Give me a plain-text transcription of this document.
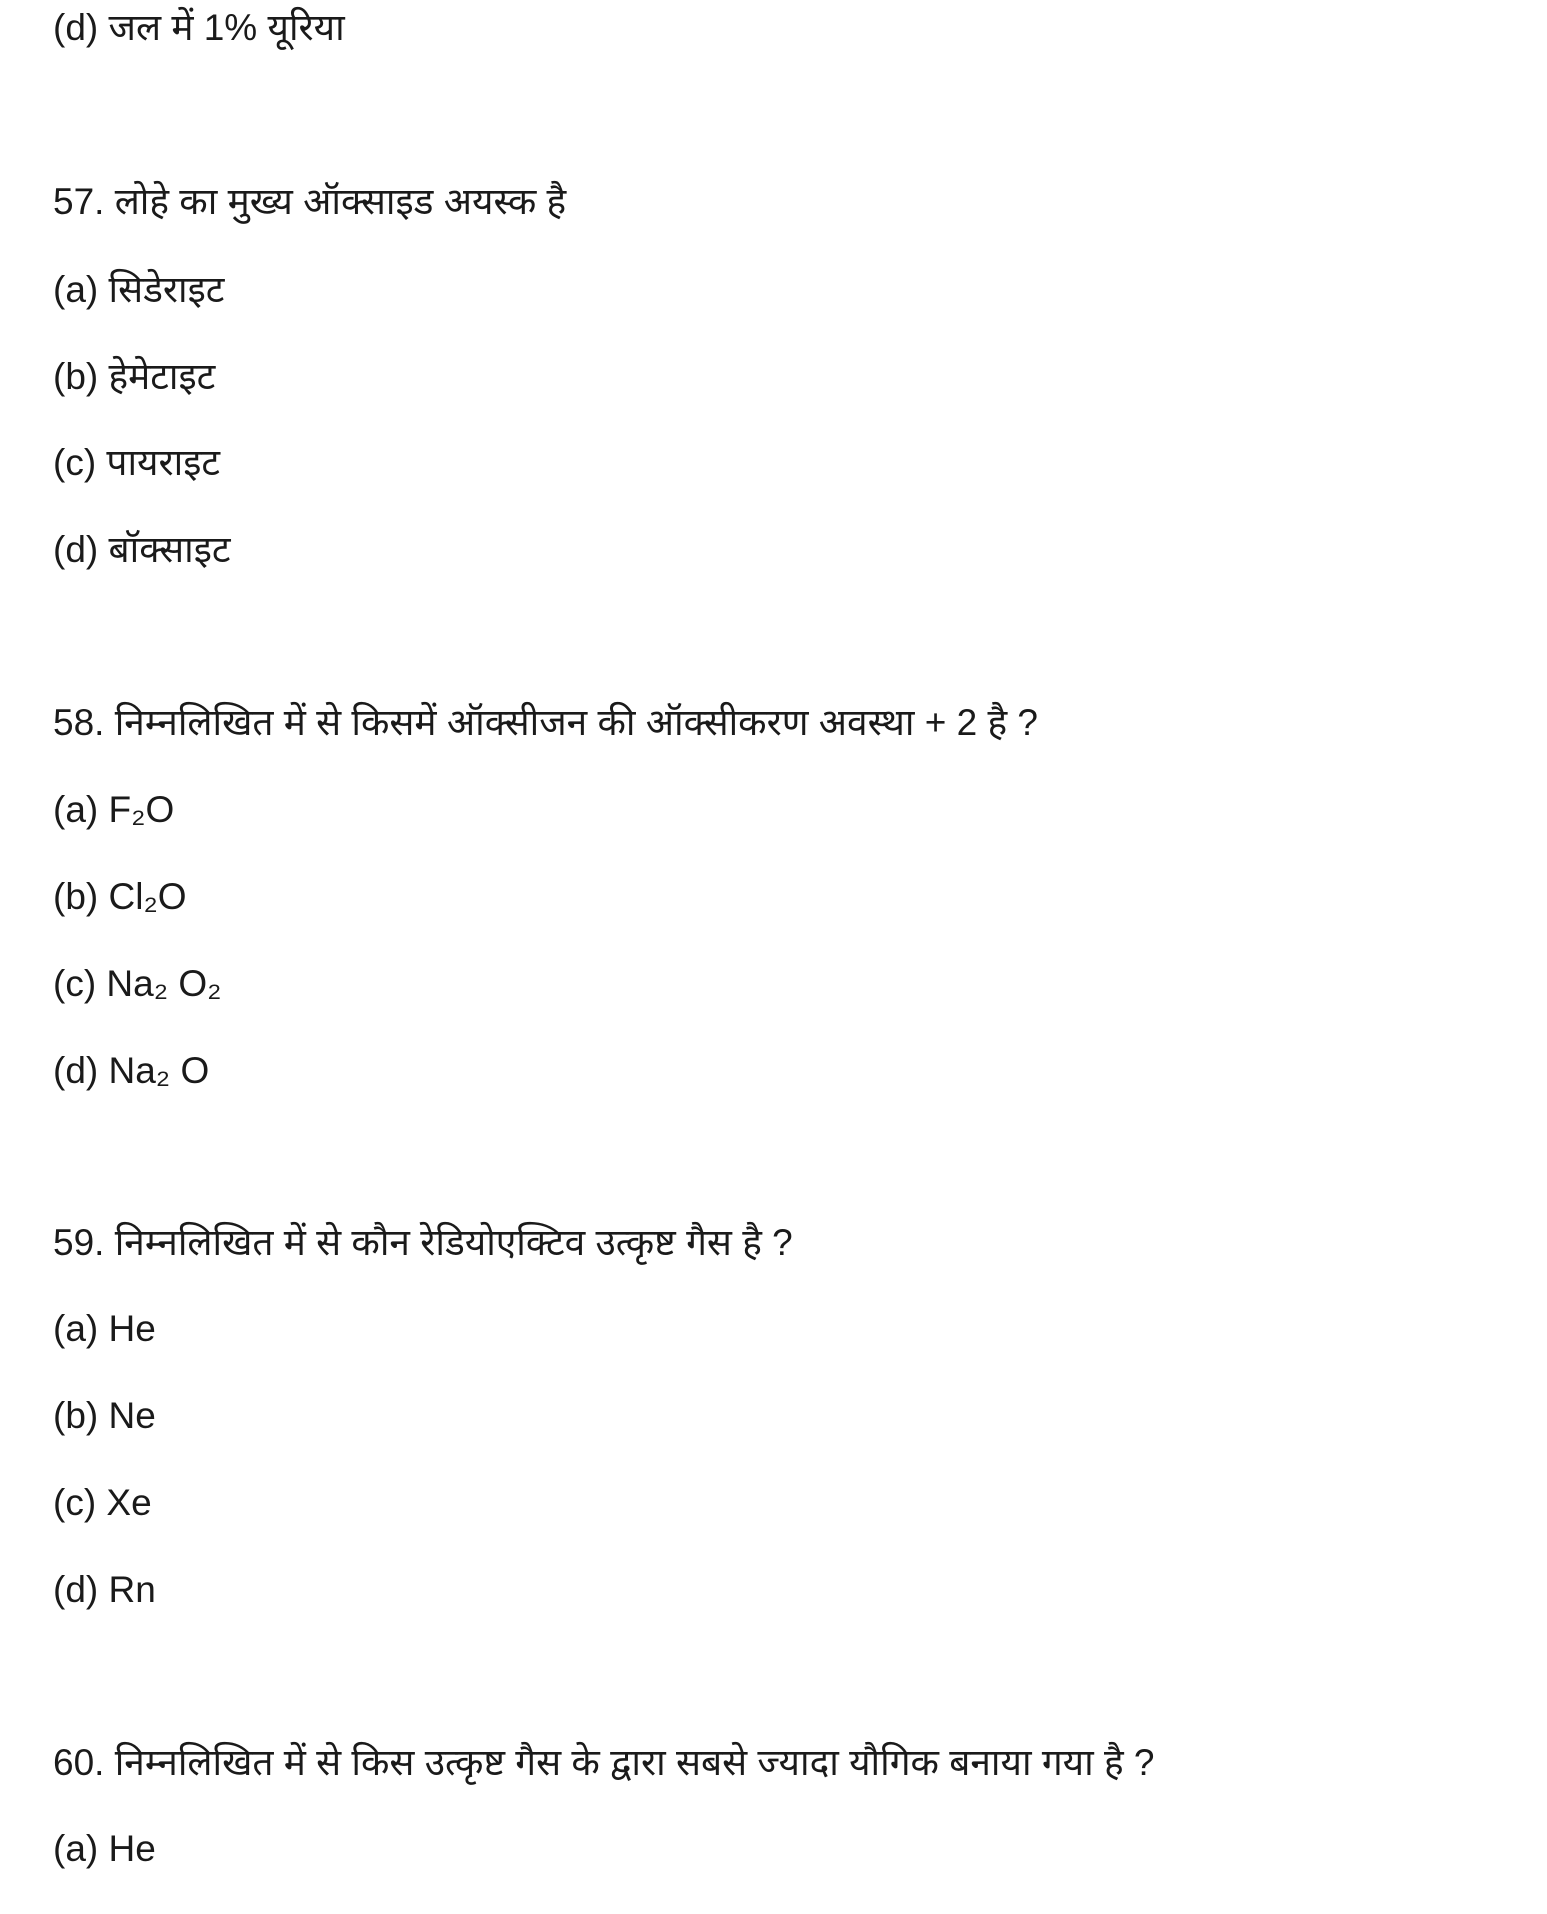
(d) जल में 1% यूरिया
57. लोहे का मुख्य ऑक्साइड अयस्क है
(a) सिडेराइट
(b) हेमेटाइट
(c) पायराइट
(d) बॉक्साइट
58. निम्नलिखित में से किसमें ऑक्सीजन की ऑक्सीकरण अवस्था + 2 है ?
(a) F₂O
(b) Cl₂O
(c) Na₂ O₂
(d) Na₂ O
59. निम्नलिखित में से कौन रेडियोएक्टिव उत्कृष्ट गैस है ?
(a) He
(b) Ne
(c) Xe
(d) Rn
60. निम्नलिखित में से किस उत्कृष्ट गैस के द्वारा सबसे ज्यादा यौगिक बनाया गया है ?
(a) He
